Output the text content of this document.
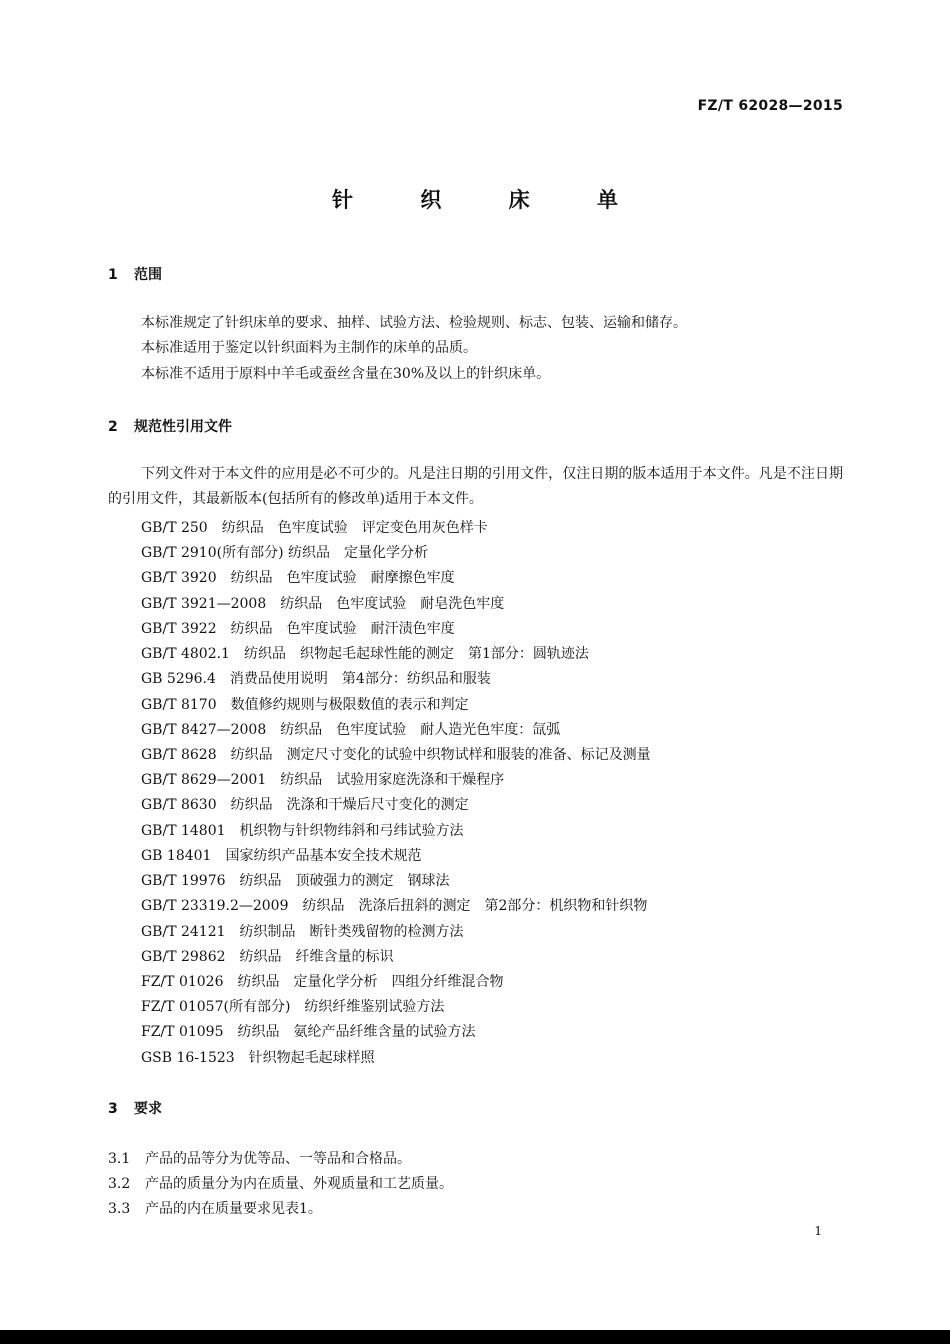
FZ/T 62028—2015
针 织 床 单
1 范围
本标准规定了针织床单的要求、抽样、试验方法、检验规则、标志、包装、运输和储存。
本标准适用于鉴定以针织面料为主制作的床单的品质。
本标准不适用于原料中羊毛或蚕丝含量在30%及以上的针织床单。
2 规范性引用文件
下列文件对于本文件的应用是必不可少的。凡是注日期的引用文件，仅注日期的版本适用于本文件。凡是不注日期的引用文件，其最新版本(包括所有的修改单)适用于本文件。
GB/T 250　纺织品　色牢度试验　评定变色用灰色样卡
GB/T 2910(所有部分) 纺织品　定量化学分析
GB/T 3920　纺织品　色牢度试验　耐摩擦色牢度
GB/T 3921—2008　纺织品　色牢度试验　耐皂洗色牢度
GB/T 3922　纺织品　色牢度试验　耐汗渍色牢度
GB/T 4802.1　纺织品　织物起毛起球性能的测定　第1部分：圆轨迹法
GB 5296.4　消费品使用说明　第4部分：纺织品和服装
GB/T 8170　数值修约规则与极限数值的表示和判定
GB/T 8427—2008　纺织品　色牢度试验　耐人造光色牢度：氙弧
GB/T 8628　纺织品　测定尺寸变化的试验中织物试样和服装的准备、标记及测量
GB/T 8629—2001　纺织品　试验用家庭洗涤和干燥程序
GB/T 8630　纺织品　洗涤和干燥后尺寸变化的测定
GB/T 14801　机织物与针织物纬斜和弓纬试验方法
GB 18401　国家纺织产品基本安全技术规范
GB/T 19976　纺织品　顶破强力的测定　钢球法
GB/T 23319.2—2009　纺织品　洗涤后扭斜的测定　第2部分：机织物和针织物
GB/T 24121　纺织制品　断针类残留物的检测方法
GB/T 29862　纺织品　纤维含量的标识
FZ/T 01026　纺织品　定量化学分析　四组分纤维混合物
FZ/T 01057(所有部分)　纺织纤维鉴别试验方法
FZ/T 01095　纺织品　氨纶产品纤维含量的试验方法
GSB 16-1523　针织物起毛起球样照
3 要求
3.1 产品的品等分为优等品、一等品和合格品。
3.2 产品的质量分为内在质量、外观质量和工艺质量。
3.3 产品的内在质量要求见表1。
1
